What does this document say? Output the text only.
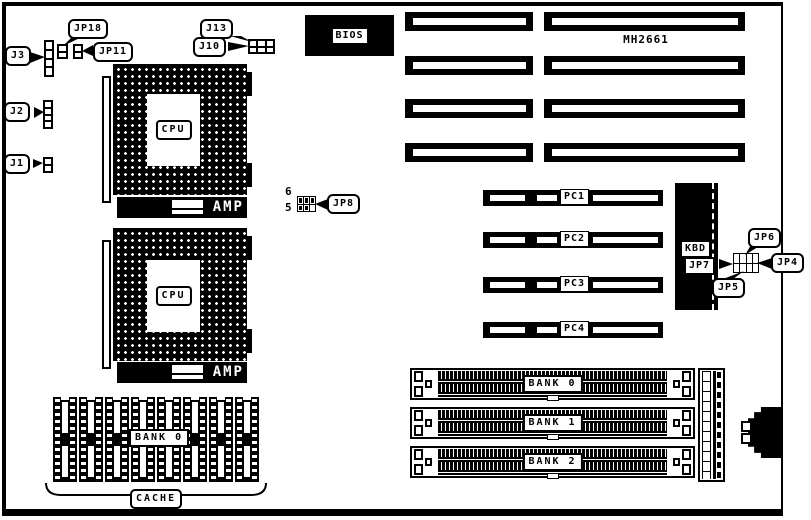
J3
JP18
JP11
J2
J1
J13
J10
BIOS	MH2661
CPU
AMP
CPU
AMP
6
5	JP8
PC1
PC2
PC3
PC4
KBD
JP7
JP6
JP4
JP5
BANK 0
BANK 1
BANK 2
BANK 0
CACHE
